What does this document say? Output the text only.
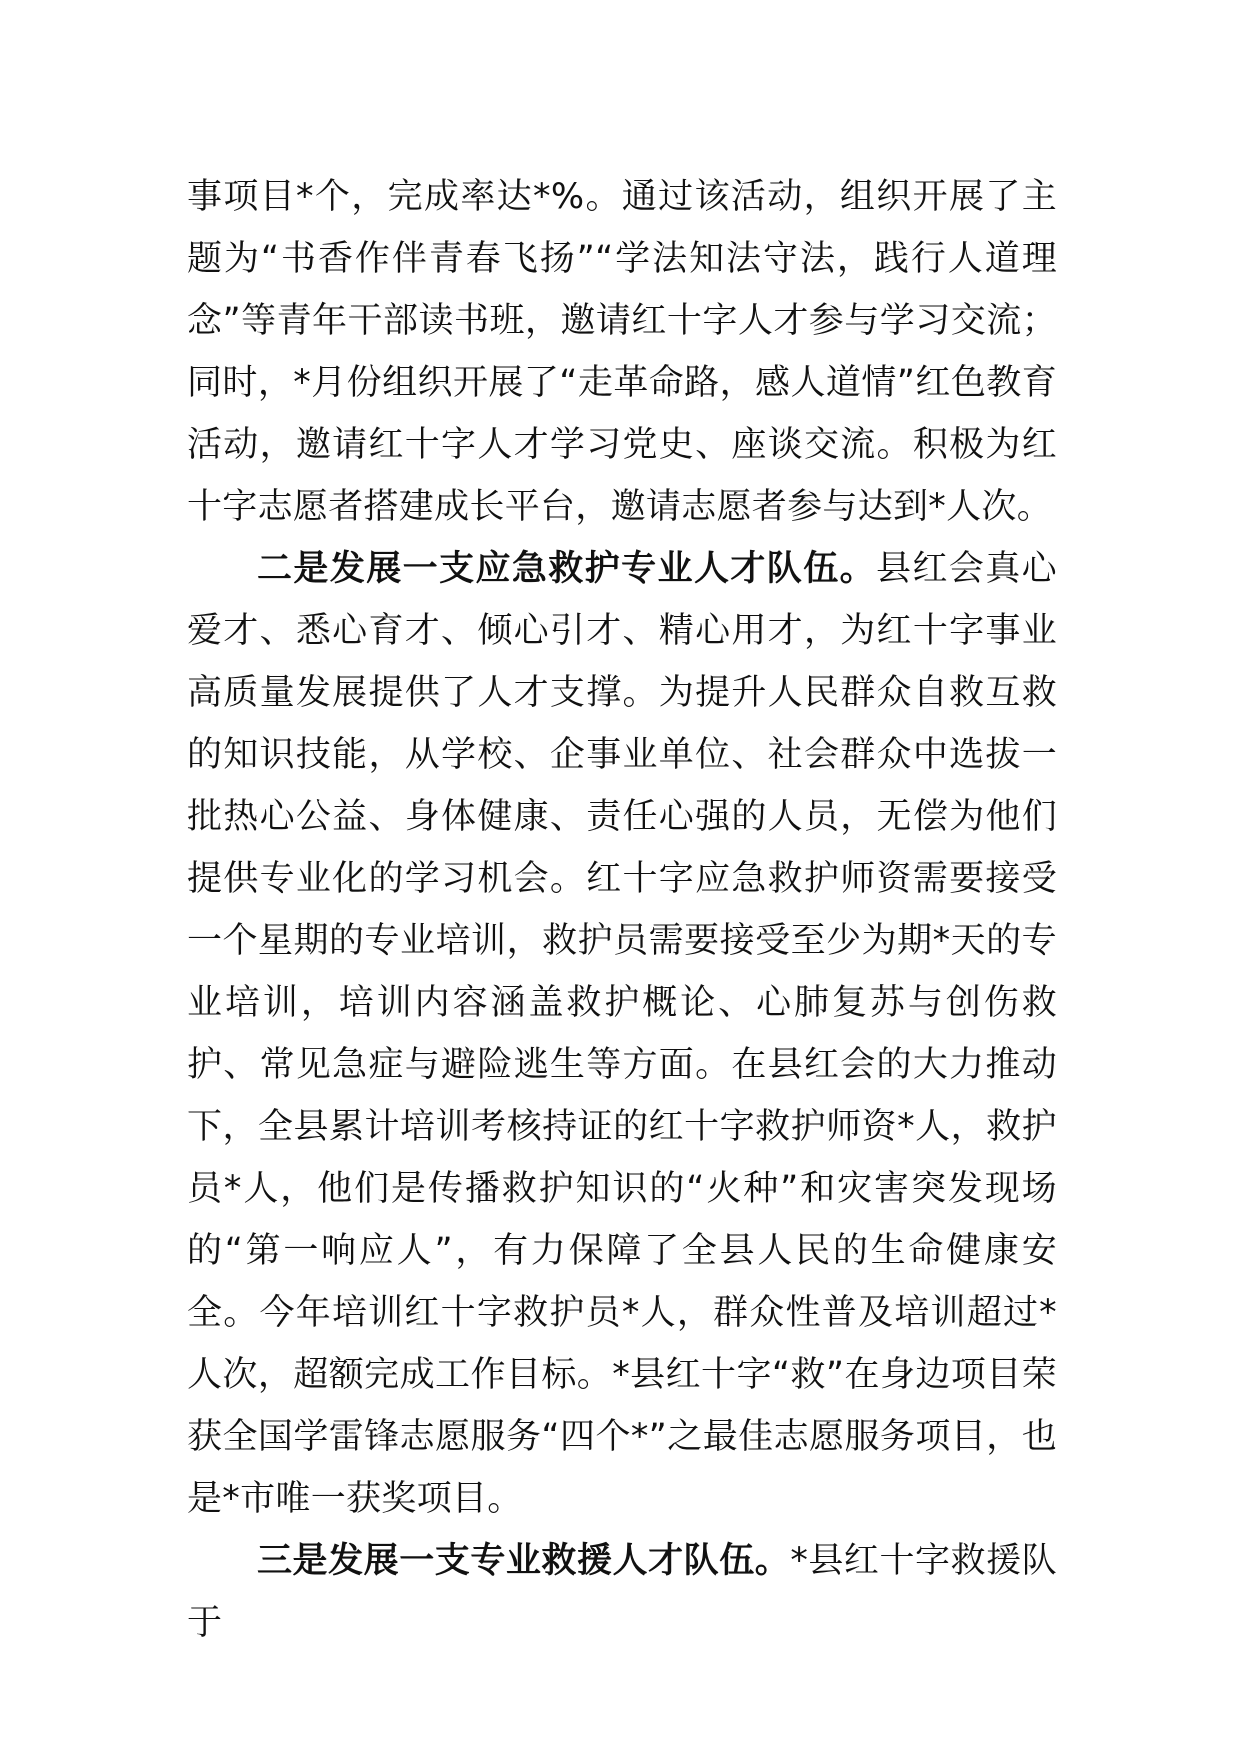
事项目*个，完成率达*%。通过该活动，组织开展了主题为“书香作伴青春飞扬”“学法知法守法，践行人道理念”等青年干部读书班，邀请红十字人才参与学习交流；同时，*月份组织开展了“走革命路，感人道情”红色教育活动，邀请红十字人才学习党史、座谈交流。积极为红十字志愿者搭建成长平台，邀请志愿者参与达到*人次。

二是发展一支应急救护专业人才队伍。县红会真心爱才、悉心育才、倾心引才、精心用才，为红十字事业高质量发展提供了人才支撑。为提升人民群众自救互救的知识技能，从学校、企事业单位、社会群众中选拔一批热心公益、身体健康、责任心强的人员，无偿为他们提供专业化的学习机会。红十字应急救护师资需要接受一个星期的专业培训，救护员需要接受至少为期*天的专业培训，培训内容涵盖救护概论、心肺复苏与创伤救护、常见急症与避险逃生等方面。在县红会的大力推动下，全县累计培训考核持证的红十字救护师资*人，救护员*人，他们是传播救护知识的“火种”和灾害突发现场的“第一响应人”，有力保障了全县人民的生命健康安全。今年培训红十字救护员*人，群众性普及培训超过*人次，超额完成工作目标。*县红十字“救”在身边项目荣获全国学雷锋志愿服务“四个*”之最佳志愿服务项目，也是*市唯一获奖项目。

三是发展一支专业救援人才队伍。*县红十字救援队于
